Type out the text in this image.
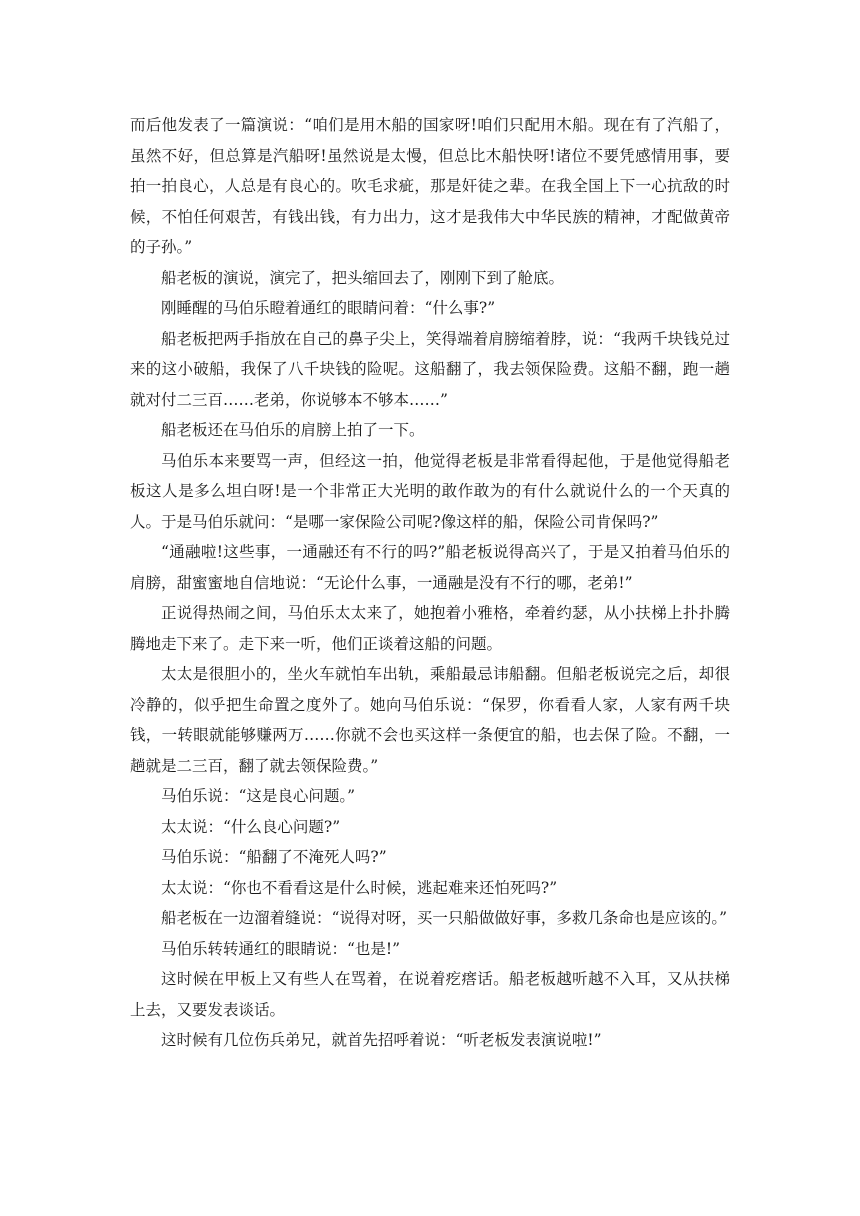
而后他发表了一篇演说：“咱们是用木船的国家呀!咱们只配用木船。现在有了汽船了，虽然不好，但总算是汽船呀!虽然说是太慢，但总比木船快呀!诸位不要凭感情用事，要拍一拍良心，人总是有良心的。吹毛求疵，那是奸徒之辈。在我全国上下一心抗敌的时候，不怕任何艰苦，有钱出钱，有力出力，这才是我伟大中华民族的精神，才配做黄帝的子孙。”

船老板的演说，演完了，把头缩回去了，刚刚下到了舱底。

刚睡醒的马伯乐瞪着通红的眼睛问着：“什么事?”

船老板把两手指放在自己的鼻子尖上，笑得端着肩膀缩着脖，说：“我两千块钱兑过来的这小破船，我保了八千块钱的险呢。这船翻了，我去领保险费。这船不翻，跑一趟就对付二三百……老弟，你说够本不够本……”

船老板还在马伯乐的肩膀上拍了一下。

马伯乐本来要骂一声，但经这一拍，他觉得老板是非常看得起他，于是他觉得船老板这人是多么坦白呀!是一个非常正大光明的敢作敢为的有什么就说什么的一个天真的人。于是马伯乐就问：“是哪一家保险公司呢?像这样的船，保险公司肯保吗?”

“通融啦!这些事，一通融还有不行的吗?”船老板说得高兴了，于是又拍着马伯乐的肩膀，甜蜜蜜地自信地说：“无论什么事，一通融是没有不行的哪，老弟!”

正说得热闹之间，马伯乐太太来了，她抱着小雅格，牵着约瑟，从小扶梯上扑扑腾腾地走下来了。走下来一听，他们正谈着这船的问题。

太太是很胆小的，坐火车就怕车出轨，乘船最忌讳船翻。但船老板说完之后，却很冷静的，似乎把生命置之度外了。她向马伯乐说：“保罗，你看看人家，人家有两千块钱，一转眼就能够赚两万……你就不会也买这样一条便宜的船，也去保了险。不翻，一趟就是二三百，翻了就去领保险费。”

马伯乐说：“这是良心问题。”

太太说：“什么良心问题?”

马伯乐说：“船翻了不淹死人吗?”

太太说：“你也不看看这是什么时候，逃起难来还怕死吗?”

船老板在一边溜着缝说：“说得对呀，买一只船做做好事，多救几条命也是应该的。”

马伯乐转转通红的眼睛说：“也是!”

这时候在甲板上又有些人在骂着，在说着疙瘩话。船老板越听越不入耳，又从扶梯上去，又要发表谈话。

这时候有几位伤兵弟兄，就首先招呼着说：“听老板发表演说啦!”
